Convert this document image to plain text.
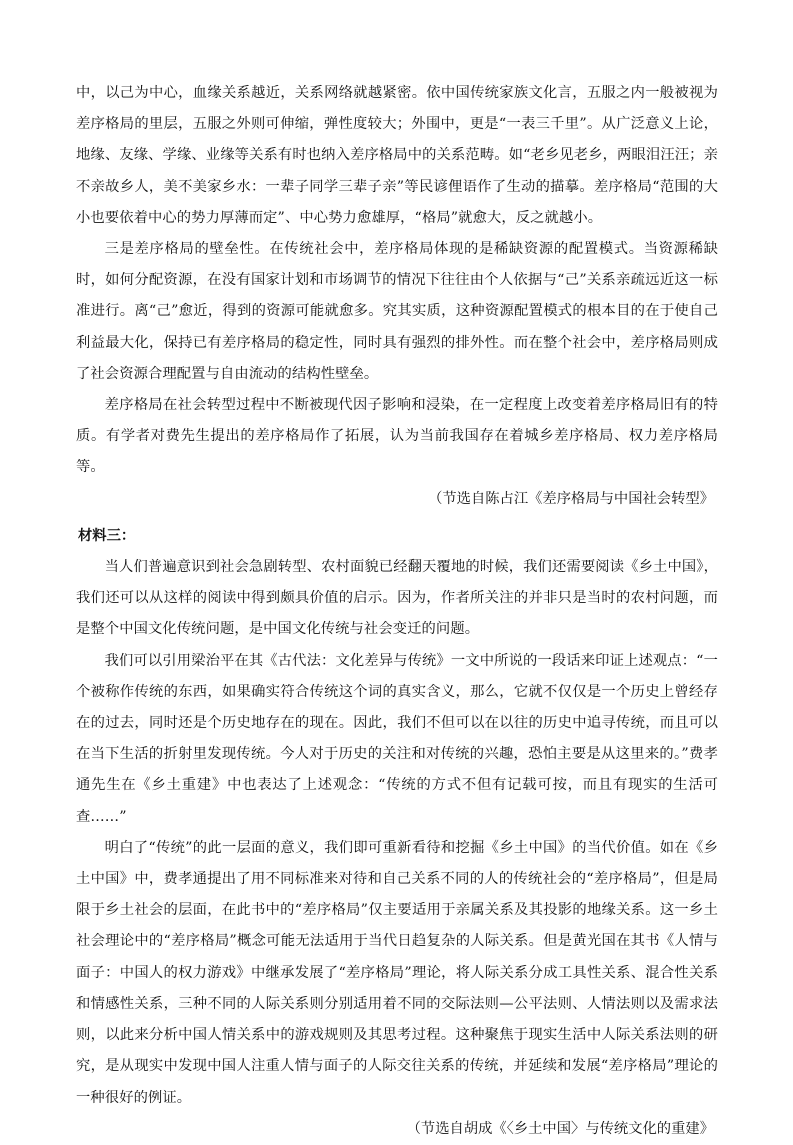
中，以己为中心，血缘关系越近，关系网络就越紧密。依中国传统家族文化言，五服之内一般被视为差序格局的里层，五服之外则可伸缩，弹性度较大；外围中，更是“一表三千里”。从广泛意义上论，地缘、友缘、学缘、业缘等关系有时也纳入差序格局中的关系范畴。如“老乡见老乡，两眼泪汪汪；亲不亲故乡人，美不美家乡水：一辈子同学三辈子亲”等民谚俚语作了生动的描摹。差序格局“范围的大小也要依着中心的势力厚薄而定”、中心势力愈雄厚，“格局”就愈大，反之就越小。

三是差序格局的壁垒性。在传统社会中，差序格局体现的是稀缺资源的配置模式。当资源稀缺时，如何分配资源，在没有国家计划和市场调节的情况下往往由个人依据与“己”关系亲疏远近这一标准进行。离“己”愈近，得到的资源可能就愈多。究其实质，这种资源配置模式的根本目的在于使自己利益最大化，保持已有差序格局的稳定性，同时具有强烈的排外性。而在整个社会中，差序格局则成了社会资源合理配置与自由流动的结构性壁垒。

差序格局在社会转型过程中不断被现代因子影响和浸染，在一定程度上改变着差序格局旧有的特质。有学者对费先生提出的差序格局作了拓展，认为当前我国存在着城乡差序格局、权力差序格局等。

（节选自陈占江《差序格局与中国社会转型》

材料三：

当人们普遍意识到社会急剧转型、农村面貌已经翻天覆地的时候，我们还需要阅读《乡土中国》，我们还可以从这样的阅读中得到颇具价值的启示。因为，作者所关注的并非只是当时的农村问题，而是整个中国文化传统问题，是中国文化传统与社会变迁的问题。

我们可以引用梁治平在其《古代法：文化差异与传统》一文中所说的一段话来印证上述观点：“一个被称作传统的东西，如果确实符合传统这个词的真实含义，那么，它就不仅仅是一个历史上曾经存在的过去，同时还是个历史地存在的现在。因此，我们不但可以在以往的历史中追寻传统，而且可以在当下生活的折射里发现传统。今人对于历史的关注和对传统的兴趣，恐怕主要是从这里来的。”费孝通先生在《乡土重建》中也表达了上述观念：“传统的方式不但有记载可按，而且有现实的生活可查……”

明白了“传统”的此一层面的意义，我们即可重新看待和挖掘《乡土中国》的当代价值。如在《乡土中国》中，费孝通提出了用不同标准来对待和自己关系不同的人的传统社会的“差序格局”，但是局限于乡土社会的层面，在此书中的“差序格局”仅主要适用于亲属关系及其投影的地缘关系。这一乡土社会理论中的“差序格局”概念可能无法适用于当代日趋复杂的人际关系。但是黄光国在其书《人情与面子：中国人的权力游戏》中继承发展了“差序格局”理论，将人际关系分成工具性关系、混合性关系和情感性关系，三种不同的人际关系则分别适用着不同的交际法则—公平法则、人情法则以及需求法则，以此来分析中国人情关系中的游戏规则及其思考过程。这种聚焦于现实生活中人际关系法则的研究，是从现实中发现中国人注重人情与面子的人际交往关系的传统，并延续和发展“差序格局”理论的一种很好的例证。

（节选自胡成《〈乡土中国〉与传统文化的重建》
